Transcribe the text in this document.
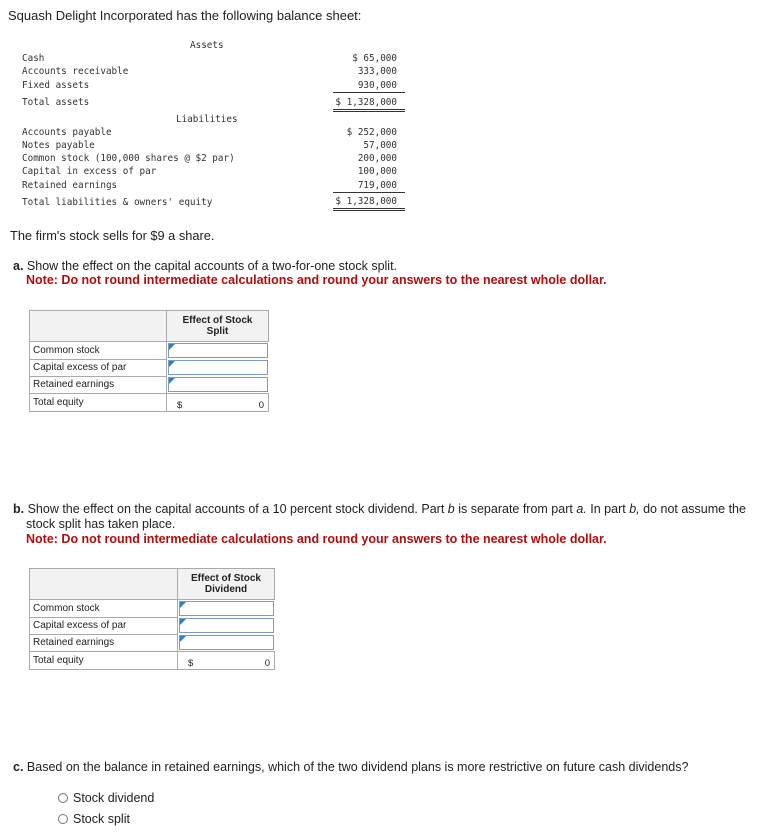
Squash Delight Incorporated has the following balance sheet:
Assets
Cash	$ 65,000
Accounts receivable	333,000
Fixed assets	930,000
Total assets	$ 1,328,000
Liabilities
Accounts payable	$ 252,000
Notes payable	57,000
Common stock (100,000 shares @ $2 par)	200,000
Capital in excess of par	100,000
Retained earnings	719,000
Total liabilities & owners' equity	$ 1,328,000
The firm's stock sells for $9 a share.
a. Show the effect on the capital accounts of a two-for-one stock split.
Note: Do not round intermediate calculations and round your answers to the nearest whole dollar.

	Effect of Stock
Split

Common stock	

Capital excess of par	

Retained earnings	

Total equity	$ 0
b. Show the effect on the capital accounts of a 10 percent stock dividend. Part b is separate from part a. In part b, do not assume the
stock split has taken place.
Note: Do not round intermediate calculations and round your answers to the nearest whole dollar.

	Effect of Stock
Dividend

Common stock	

Capital excess of par	

Retained earnings	

Total equity	$ 0
c. Based on the balance in retained earnings, which of the two dividend plans is more restrictive on future cash dividends?
Stock dividend
Stock split
